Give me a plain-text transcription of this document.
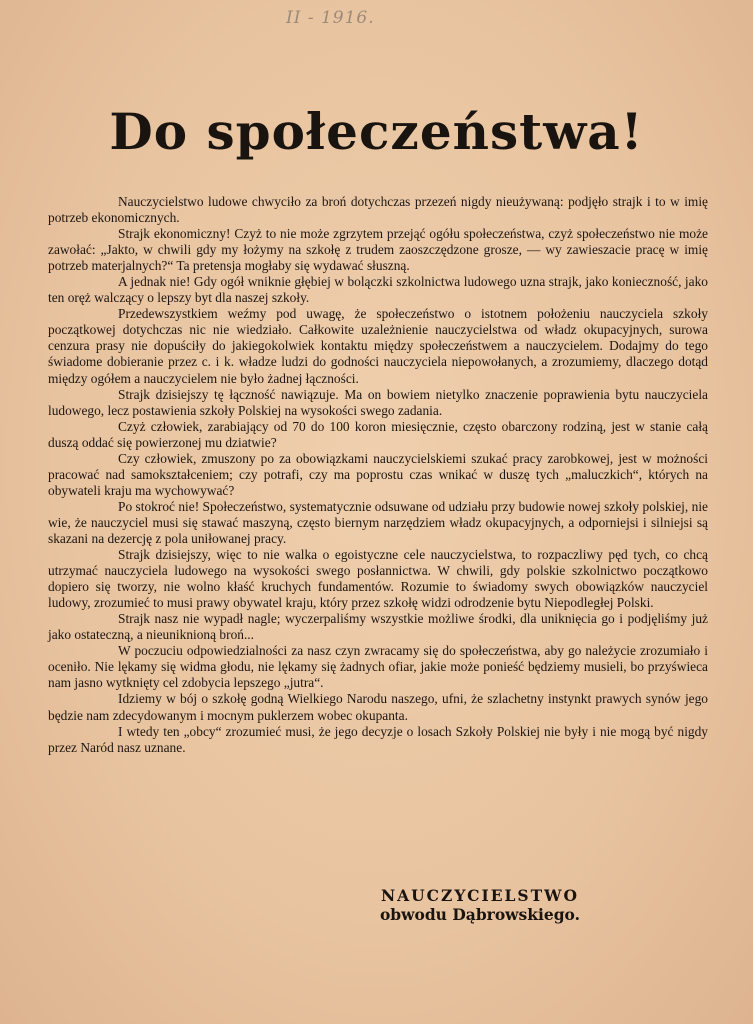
II - 1916.
Do społeczeństwa!

Nauczycielstwo ludowe chwyciło za broń dotychczas przezeń nigdy nieużywaną: podjęło strajk i to w imię potrzeb ekonomicznych.

Strajk ekonomiczny! Czyż to nie może zgrzytem przejąć ogółu społeczeństwa, czyż społeczeństwo nie może zawołać: „Jakto, w chwili gdy my łożymy na szkołę z trudem zaoszczędzone grosze, — wy zawieszacie pracę w imię potrzeb materjalnych?“ Ta pretensja mogłaby się wydawać słuszną.

A jednak nie! Gdy ogół wniknie głębiej w bolączki szkolnictwa ludowego uzna strajk, jako konieczność, jako ten oręż walczący o lepszy byt dla naszej szkoły.

Przedewszystkiem weźmy pod uwagę, że społeczeństwo o istotnem położeniu nauczyciela szkoły początkowej dotychczas nic nie wiedziało. Całkowite uzależnienie nauczycielstwa od władz okupacyjnych, surowa cenzura prasy nie dopuściły do jakiegokolwiek kontaktu między społeczeństwem a nauczycielem. Dodajmy do tego świadome dobieranie przez c. i k. władze ludzi do godności nauczyciela niepowołanych, a zrozumiemy, dlaczego dotąd między ogółem a nauczycielem nie było żadnej łączności.

Strajk dzisiejszy tę łączność nawiązuje. Ma on bowiem nietylko znaczenie poprawienia bytu nauczyciela ludowego, lecz postawienia szkoły Polskiej na wysokości swego zadania.

Czyż człowiek, zarabiający od 70 do 100 koron miesięcznie, często obarczony rodziną, jest w stanie całą duszą oddać się powierzonej mu dziatwie?

Czy człowiek, zmuszony po za obowiązkami nauczycielskiemi szukać pracy zarobkowej, jest w możności pracować nad samokształceniem; czy potrafi, czy ma poprostu czas wnikać w duszę tych „maluczkich“, których na obywateli kraju ma wychowywać?

Po stokroć nie! Społeczeństwo, systematycznie odsuwane od udziału przy budowie nowej szkoły polskiej, nie wie, że nauczyciel musi się stawać maszyną, często biernym narzędziem władz okupacyjnych, a odporniejsi i silniejsi są skazani na dezercję z pola uniłowanej pracy.

Strajk dzisiejszy, więc to nie walka o egoistyczne cele nauczycielstwa, to rozpaczliwy pęd tych, co chcą utrzymać nauczyciela ludowego na wysokości swego posłannictwa. W chwili, gdy polskie szkolnictwo początkowo dopiero się tworzy, nie wolno kłaść kruchych fundamentów. Rozumie to świadomy swych obowiązków nauczyciel ludowy, zrozumieć to musi prawy obywatel kraju, który przez szkołę widzi odrodzenie bytu Niepodległej Polski.

Strajk nasz nie wypadł nagle; wyczerpaliśmy wszystkie możliwe środki, dla uniknięcia go i podjęliśmy już jako ostateczną, a nieuniknioną broń...

W poczuciu odpowiedzialności za nasz czyn zwracamy się do społeczeństwa, aby go należycie zrozumiało i oceniło. Nie lękamy się widma głodu, nie lękamy się żadnych ofiar, jakie może ponieść będziemy musieli, bo przyświeca nam jasno wytknięty cel zdobycia lepszego „jutra“.

Idziemy w bój o szkołę godną Wielkiego Narodu naszego, ufni, że szlachetny instynkt prawych synów jego będzie nam zdecydowanym i mocnym puklerzem wobec okupanta.

I wtedy ten „obcy“ zrozumieć musi, że jego decyzje o losach Szkoły Polskiej nie były i nie mogą być nigdy przez Naród nasz uznane.

NAUCZYCIELSTWO
obwodu Dąbrowskiego.
